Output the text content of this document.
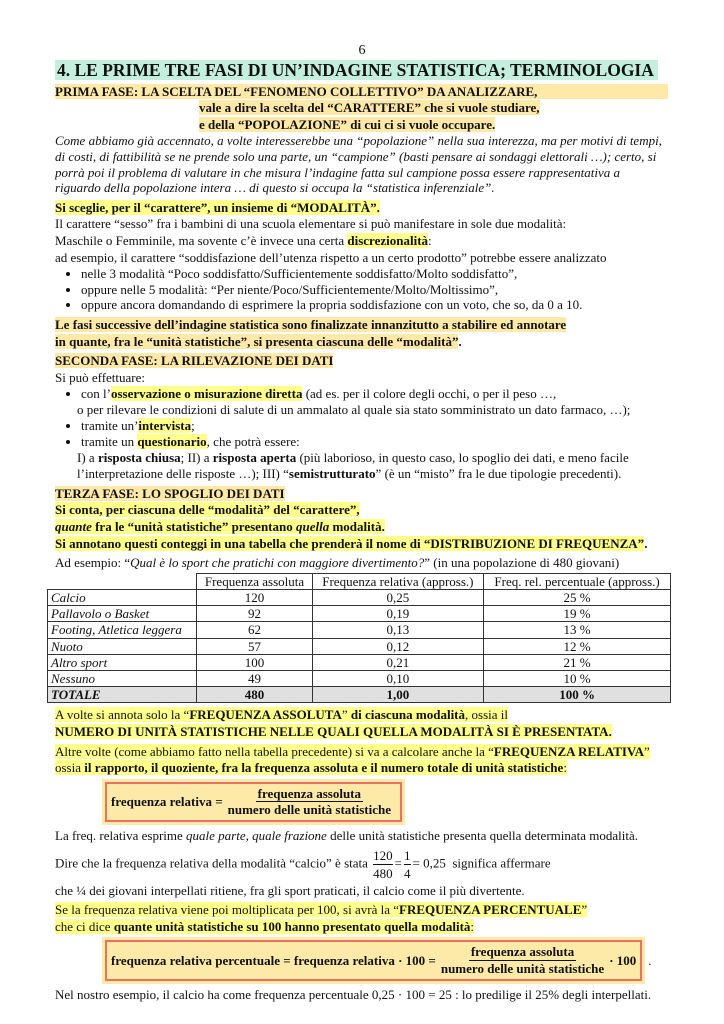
6
4. LE PRIME TRE FASI DI UN’INDAGINE STATISTICA; TERMINOLOGIA
PRIMA FASE: LA SCELTA DEL “FENOMENO COLLETTIVO” DA ANALIZZARE,
vale a dire la scelta del “CARATTERE” che si vuole studiare,
e della “POPOLAZIONE” di cui ci si vuole occupare.
Come abbiamo già accennato, a volte interesserebbe una “popolazione” nella sua interezza, ma per motivi di tempi, di costi, di fattibilità se ne prende solo una parte, un “campione” (basti pensare ai sondaggi elettorali …); certo, si porrà poi il problema di valutare in che misura l’indagine fatta sul campione possa essere rappresentativa a riguardo della popolazione intera … di questo si occupa la “statistica inferenziale”.
Si sceglie, per il “carattere”, un insieme di “MODALITÀ”.
Il carattere “sesso” fra i bambini di una scuola elementare si può manifestare in sole due modalità:
Maschile o Femminile, ma sovente c’è invece una certa discrezionalità:
ad esempio, il carattere “soddisfazione dell’utenza rispetto a un certo prodotto” potrebbe essere analizzato
• nelle 3 modalità “Poco soddisfatto/Sufficientemente soddisfatto/Molto soddisfatto”,
• oppure nelle 5 modalità: “Per niente/Poco/Sufficientemente/Molto/Moltissimo”,
• oppure ancora domandando di esprimere la propria soddisfazione con un voto, che so, da 0 a 10.
Le fasi successive dell’indagine statistica sono finalizzate innanzitutto a stabilire ed annotare
in quante, fra le “unità statistiche”, si presenta ciascuna delle “modalità”.
SECONDA FASE: LA RILEVAZIONE DEI DATI
Si può effettuare:
• con l’osservazione o misurazione diretta (ad es. per il colore degli occhi, o per il peso …,
o per rilevare le condizioni di salute di un ammalato al quale sia stato somministrato un dato farmaco, …);
• tramite un’intervista;
• tramite un questionario, che potrà essere:
I) a risposta chiusa; II) a risposta aperta (più laborioso, in questo caso, lo spoglio dei dati, e meno facile
l’interpretazione delle risposte …); III) “semistrutturato” (è un “misto” fra le due tipologie precedenti).
TERZA FASE: LO SPOGLIO DEI DATI
Si conta, per ciascuna delle “modalità” del “carattere”,
quante fra le “unità statistiche” presentano quella modalità.
Si annotano questi conteggi in una tabella che prenderà il nome di “DISTRIBUZIONE DI FREQUENZA”.
Ad esempio: “Qual è lo sport che pratichi con maggiore divertimento?” (in una popolazione di 480 giovani)
	Frequenza assoluta	Frequenza relativa (appross.)	Freq. rel. percentuale (appross.)
Calcio	120	0,25	25 %
Pallavolo o Basket	92	0,19	19 %
Footing, Atletica leggera	62	0,13	13 %
Nuoto	57	0,12	12 %
Altro sport	100	0,21	21 %
Nessuno	49	0,10	10 %
TOTALE	480	1,00	100 %
A volte si annota solo la “FREQUENZA ASSOLUTA” di ciascuna modalità, ossia il
NUMERO DI UNITÀ STATISTICHE NELLE QUALI QUELLA MODALITÀ SI È PRESENTATA.
Altre volte (come abbiamo fatto nella tabella precedente) si va a calcolare anche la “FREQUENZA RELATIVA”
ossia il rapporto, il quoziente, fra la frequenza assoluta e il numero totale di unità statistiche:
frequenza relativa = $\frac{\text{frequenza assoluta}}{\text{numero delle unità statistiche}}$
La freq. relativa esprime quale parte, quale frazione delle unità statistiche presenta quella determinata modalità.
Dire che la frequenza relativa della modalità “calcio” è stata $\frac{120}{480} = \frac{1}{4} = 0,25$ significa affermare
che ¼ dei giovani interpellati ritiene, fra gli sport praticati, il calcio come il più divertente.
Se la frequenza relativa viene poi moltiplicata per 100, si avrà la “FREQUENZA PERCENTUALE”
che ci dice quante unità statistiche su 100 hanno presentato quella modalità:
frequenza relativa percentuale = frequenza relativa · $100 = \frac{\text{frequenza assoluta}}{\text{numero delle unità statistiche}} \cdot 100$ .
Nel nostro esempio, il calcio ha come frequenza percentuale 0,25 · 100 = 25 : lo predilige il 25% degli interpellati.
